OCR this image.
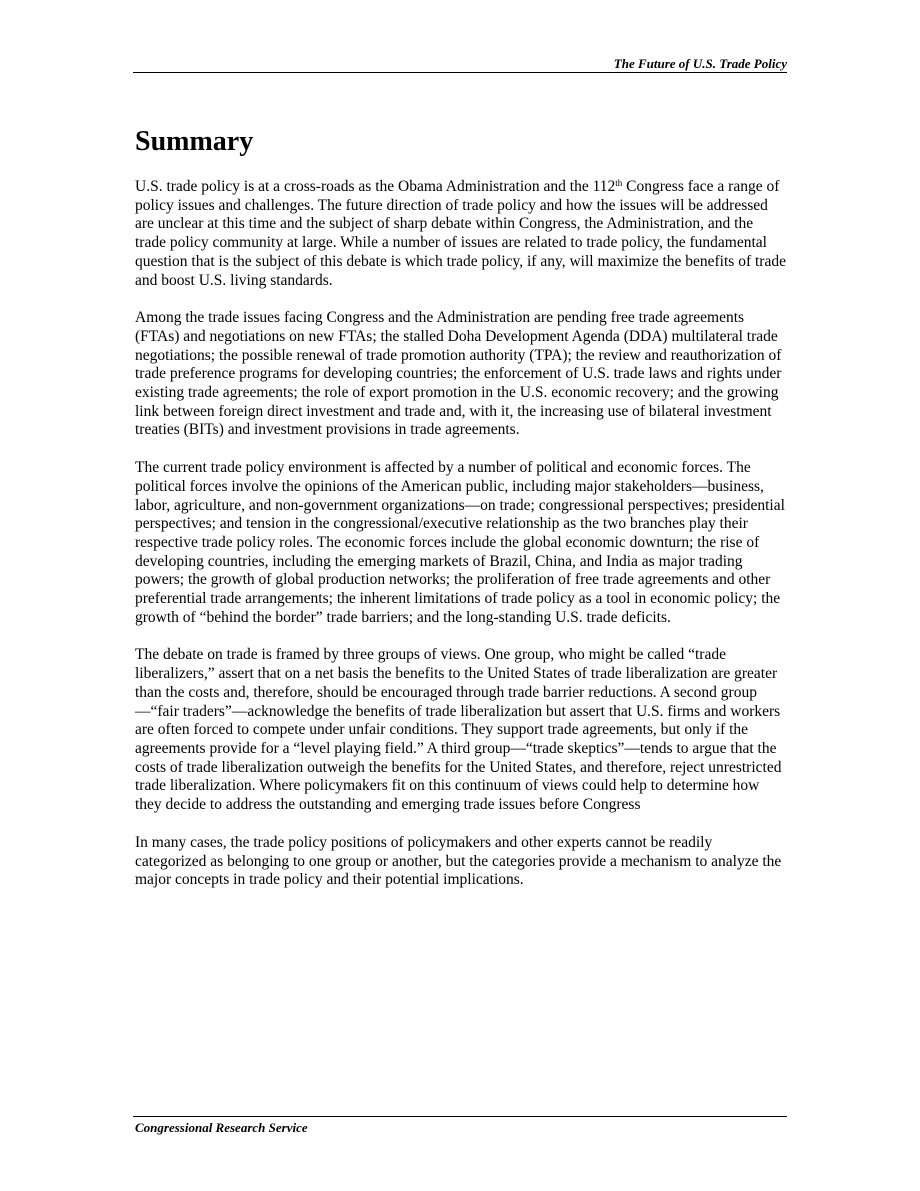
The Future of U.S. Trade Policy
Summary

U.S. trade policy is at a cross-roads as the Obama Administration and the 112th Congress face a range of policy issues and challenges. The future direction of trade policy and how the issues will be addressed are unclear at this time and the subject of sharp debate within Congress, the Administration, and the trade policy community at large. While a number of issues are related to trade policy, the fundamental question that is the subject of this debate is which trade policy, if any, will maximize the benefits of trade and boost U.S. living standards.

Among the trade issues facing Congress and the Administration are pending free trade agreements (FTAs) and negotiations on new FTAs; the stalled Doha Development Agenda (DDA) multilateral trade negotiations; the possible renewal of trade promotion authority (TPA); the review and reauthorization of trade preference programs for developing countries; the enforcement of U.S. trade laws and rights under existing trade agreements; the role of export promotion in the U.S. economic recovery; and the growing link between foreign direct investment and trade and, with it, the increasing use of bilateral investment treaties (BITs) and investment provisions in trade agreements.

The current trade policy environment is affected by a number of political and economic forces. The political forces involve the opinions of the American public, including major stakeholders—business, labor, agriculture, and non-government organizations—on trade; congressional perspectives; presidential perspectives; and tension in the congressional/executive relationship as the two branches play their respective trade policy roles. The economic forces include the global economic downturn; the rise of developing countries, including the emerging markets of Brazil, China, and India as major trading powers; the growth of global production networks; the proliferation of free trade agreements and other preferential trade arrangements; the inherent limitations of trade policy as a tool in economic policy; the growth of “behind the border” trade barriers; and the long-standing U.S. trade deficits.

The debate on trade is framed by three groups of views. One group, who might be called “trade liberalizers,” assert that on a net basis the benefits to the United States of trade liberalization are greater than the costs and, therefore, should be encouraged through trade barrier reductions. A second group—“fair traders”—acknowledge the benefits of trade liberalization but assert that U.S. firms and workers are often forced to compete under unfair conditions. They support trade agreements, but only if the agreements provide for a “level playing field.” A third group—“trade skeptics”—tends to argue that the costs of trade liberalization outweigh the benefits for the United States, and therefore, reject unrestricted trade liberalization. Where policymakers fit on this continuum of views could help to determine how they decide to address the outstanding and emerging trade issues before Congress

In many cases, the trade policy positions of policymakers and other experts cannot be readily categorized as belonging to one group or another, but the categories provide a mechanism to analyze the major concepts in trade policy and their potential implications.

Congressional Research Service
